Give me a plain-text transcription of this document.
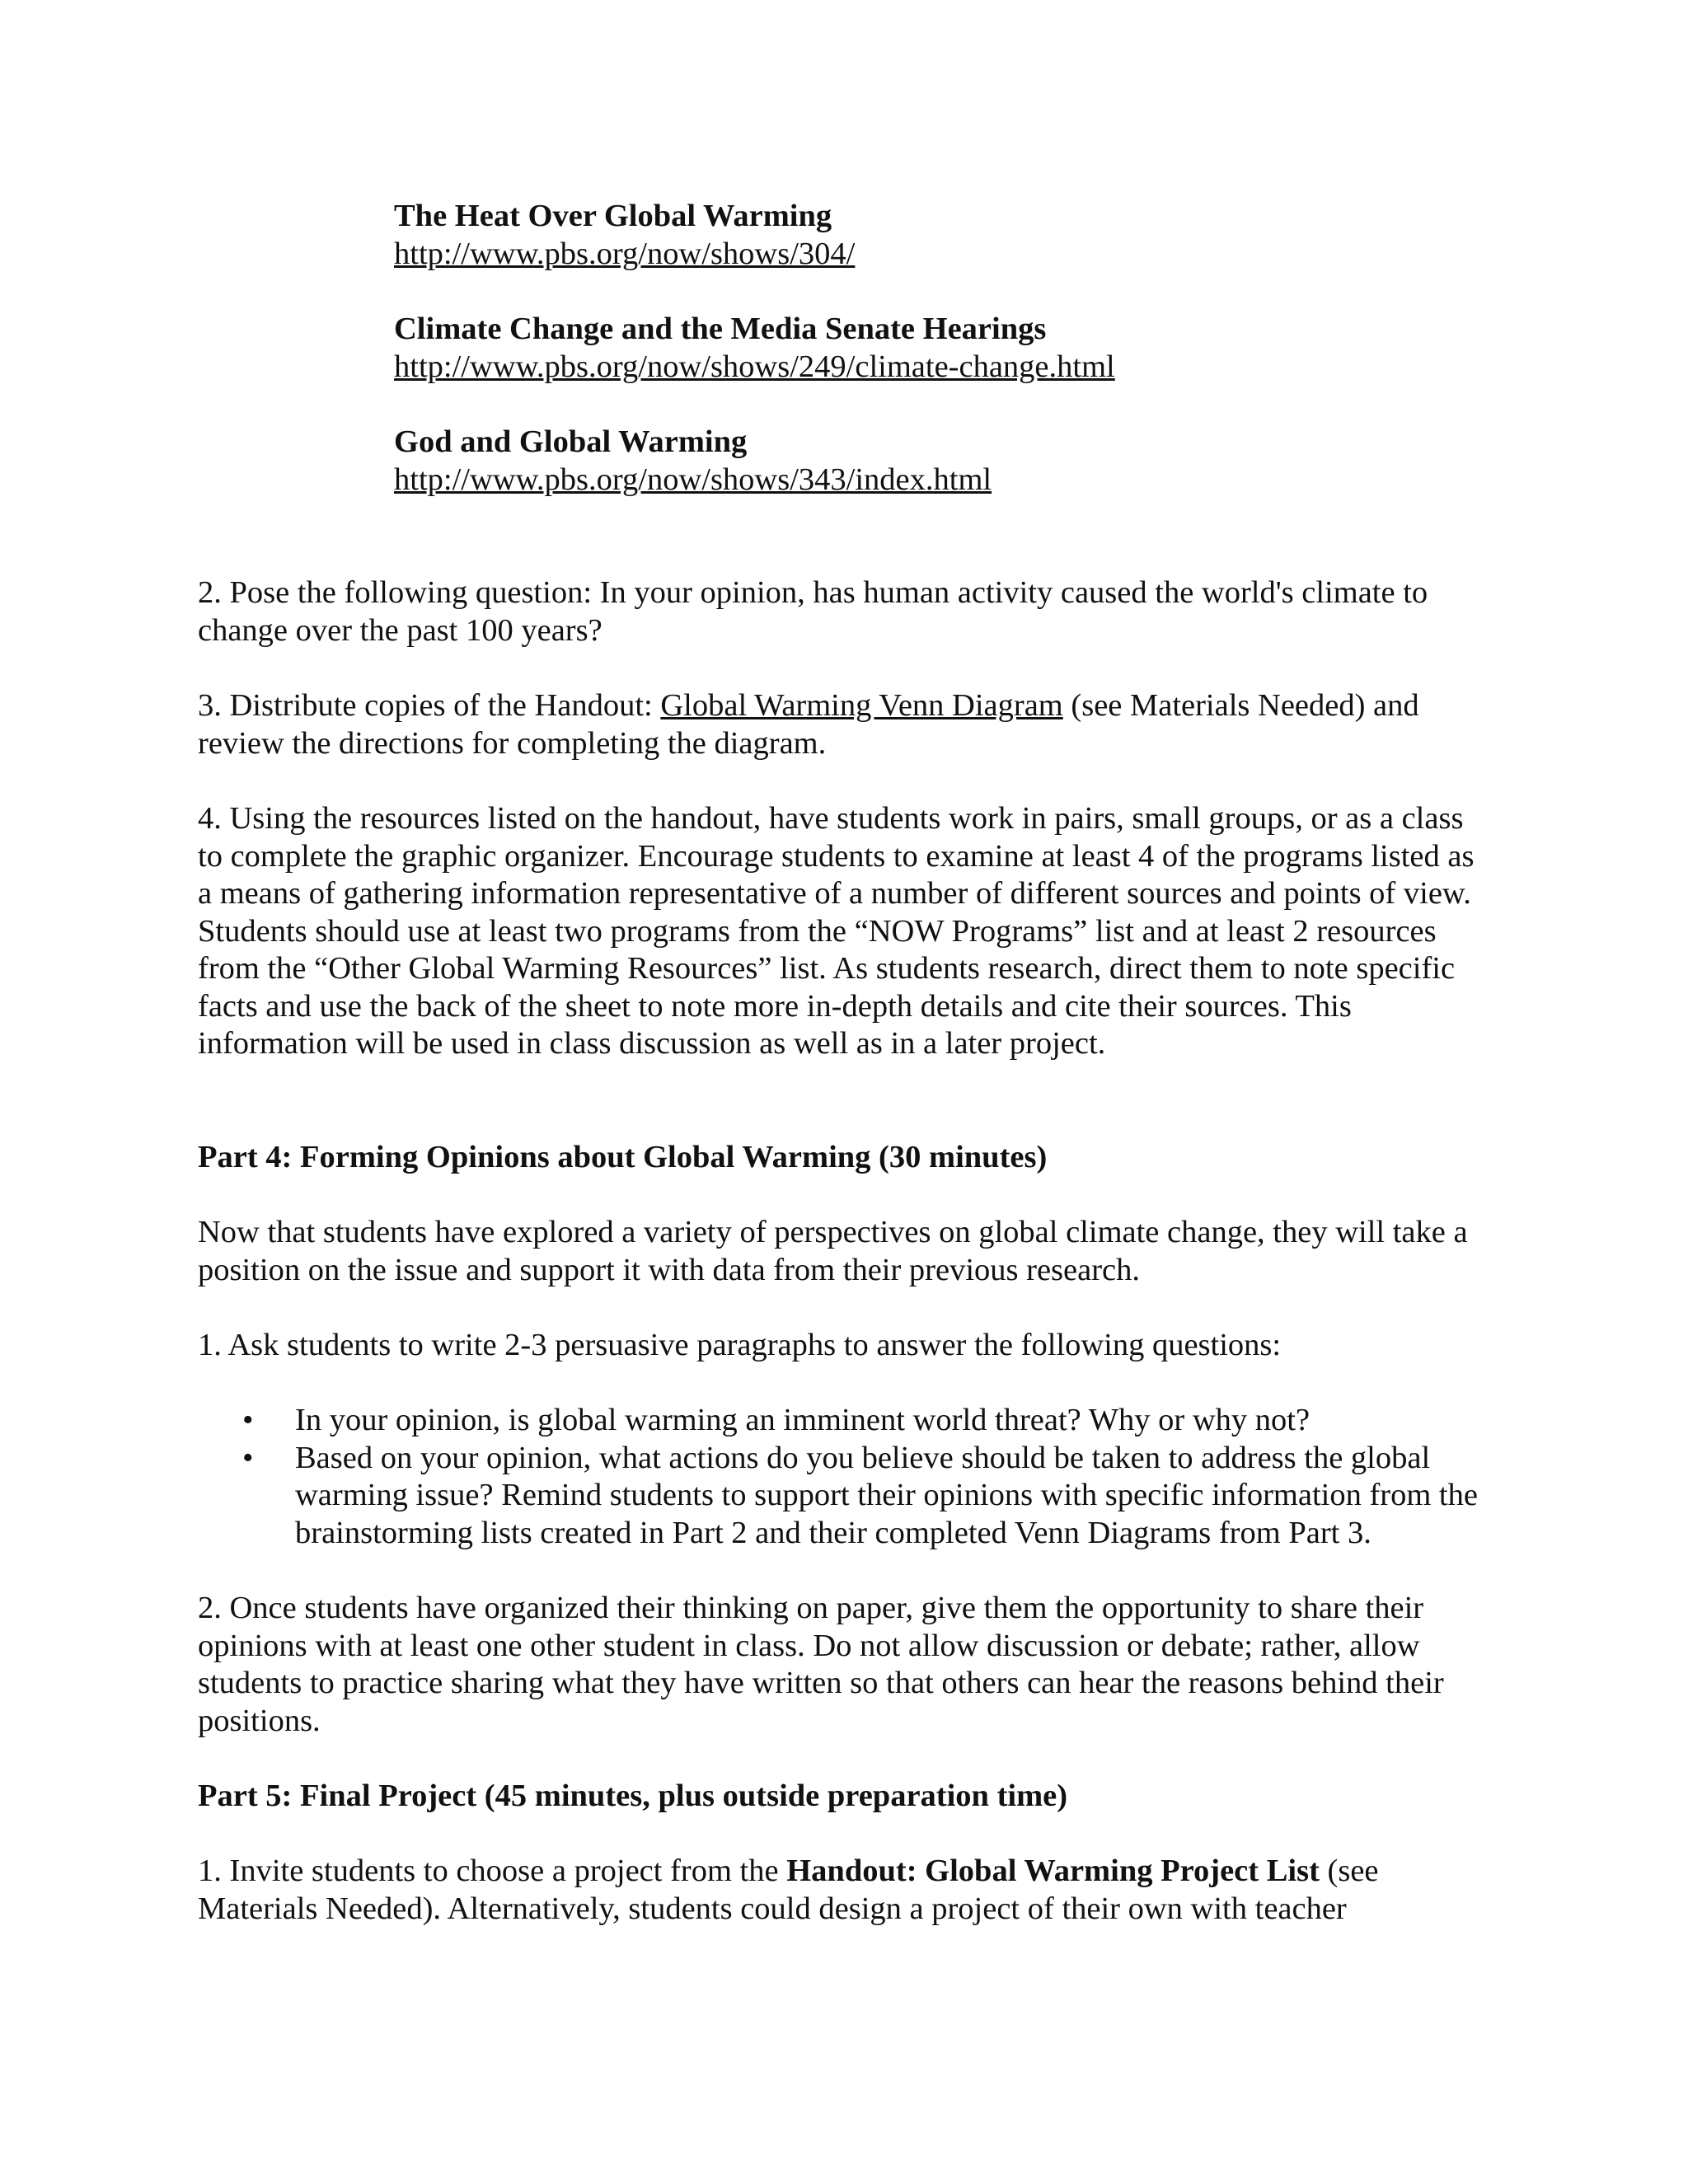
The Heat Over Global Warming
http://www.pbs.org/now/shows/304/
Climate Change and the Media Senate Hearings
http://www.pbs.org/now/shows/249/climate-change.html
God and Global Warming
http://www.pbs.org/now/shows/343/index.html

2. Pose the following question: In your opinion, has human activity caused the world's climate to change over the past 100 years?

3. Distribute copies of the Handout: Global Warming Venn Diagram (see Materials Needed) and review the directions for completing the diagram.

4. Using the resources listed on the handout, have students work in pairs, small groups, or as a class to complete the graphic organizer. Encourage students to examine at least 4 of the programs listed as a means of gathering information representative of a number of different sources and points of view. Students should use at least two programs from the “NOW Programs” list and at least 2 resources from the “Other Global Warming Resources” list. As students research, direct them to note specific facts and use the back of the sheet to note more in-depth details and cite their sources. This information will be used in class discussion as well as in a later project.

Part 4: Forming Opinions about Global Warming (30 minutes)

Now that students have explored a variety of perspectives on global climate change, they will take a position on the issue and support it with data from their previous research.

1. Ask students to write 2-3 persuasive paragraphs to answer the following questions:

• In your opinion, is global warming an imminent world threat? Why or why not?
• Based on your opinion, what actions do you believe should be taken to address the global warming issue? Remind students to support their opinions with specific information from the brainstorming lists created in Part 2 and their completed Venn Diagrams from Part 3.

2. Once students have organized their thinking on paper, give them the opportunity to share their opinions with at least one other student in class. Do not allow discussion or debate; rather, allow students to practice sharing what they have written so that others can hear the reasons behind their positions.

Part 5: Final Project (45 minutes, plus outside preparation time)

1. Invite students to choose a project from the Handout: Global Warming Project List (see Materials Needed). Alternatively, students could design a project of their own with teacher
